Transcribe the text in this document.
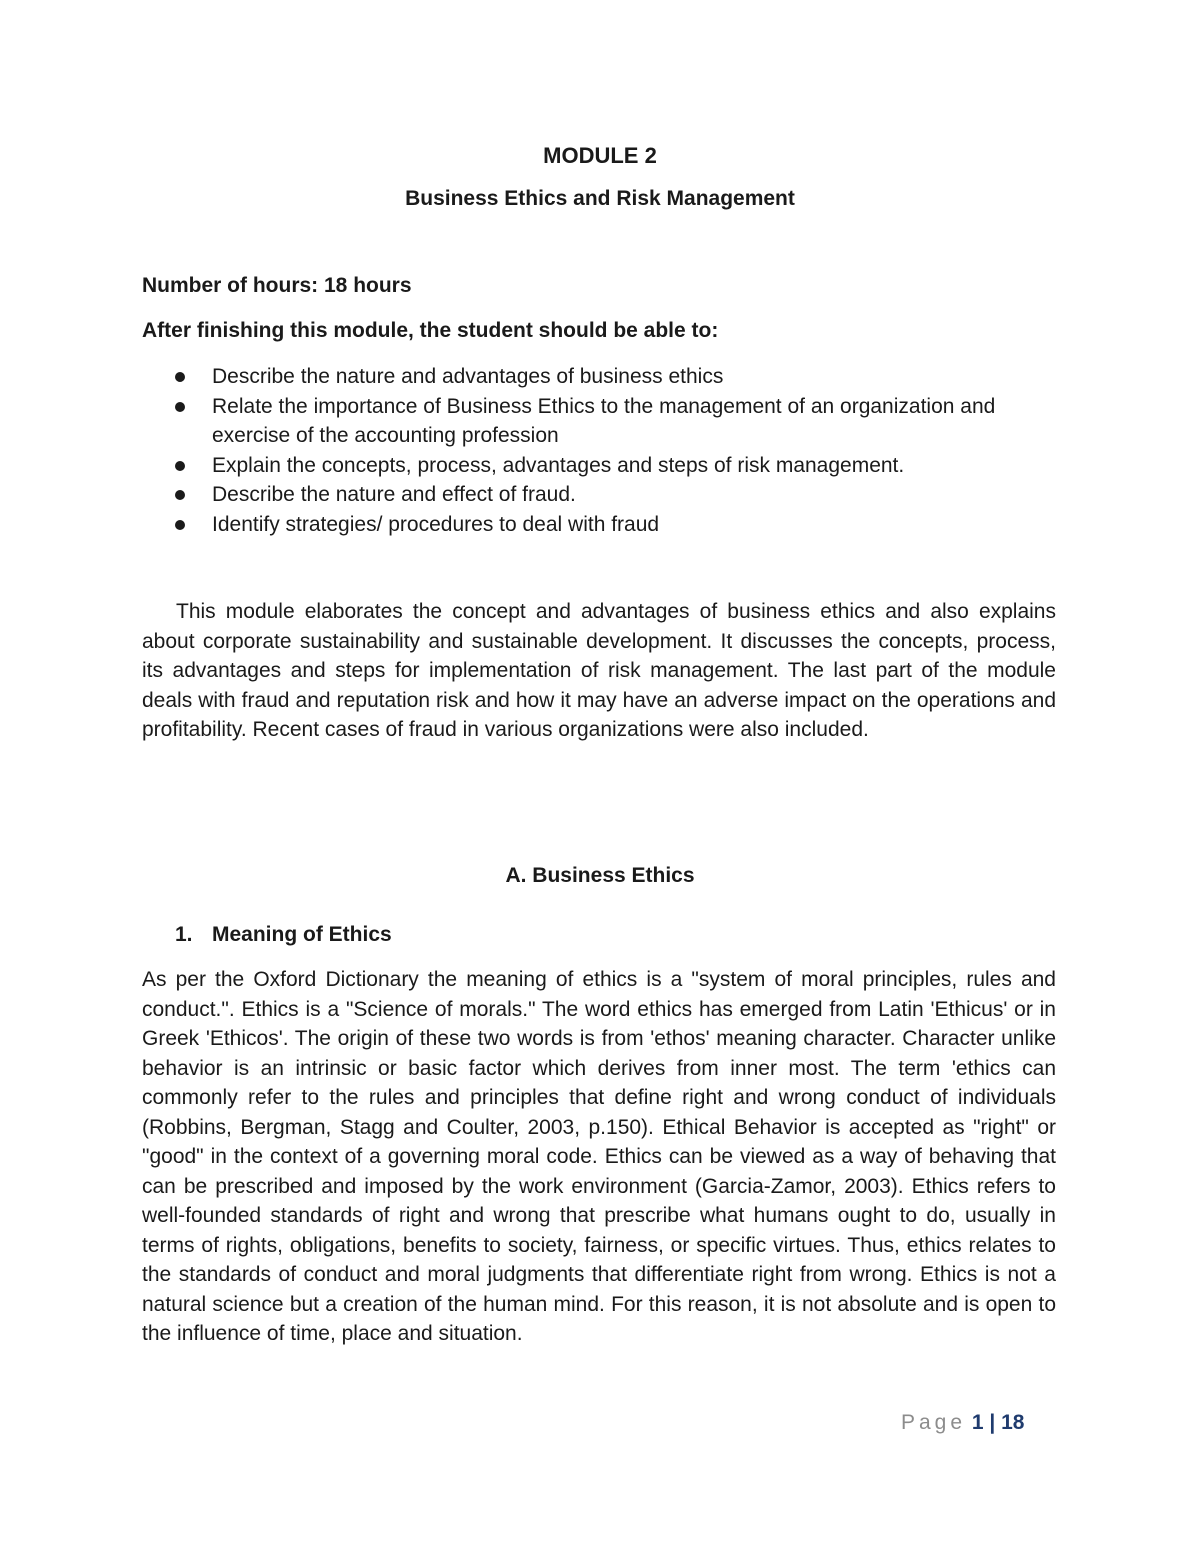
MODULE 2
Business Ethics and Risk Management
Number of hours: 18 hours
After finishing this module, the student should be able to:
Describe the nature and advantages of business ethics
Relate the importance of Business Ethics to the management of an organization and exercise of the accounting profession
Explain the concepts, process, advantages and steps of risk management.
Describe the nature and effect of fraud.
Identify strategies/ procedures to deal with fraud

This module elaborates the concept and advantages of business ethics and also explains about corporate sustainability and sustainable development. It discusses the concepts, process, its advantages and steps for implementation of risk management. The last part of the module deals with fraud and reputation risk and how it may have an adverse impact on the operations and profitability. Recent cases of fraud in various organizations were also included.

A. Business Ethics
1. Meaning of Ethics

As per the Oxford Dictionary the meaning of ethics is a "system of moral principles, rules and conduct.". Ethics is a "Science of morals." The word ethics has emerged from Latin 'Ethicus' or in Greek 'Ethicos'. The origin of these two words is from 'ethos' meaning character. Character unlike behavior is an intrinsic or basic factor which derives from inner most. The term 'ethics can commonly refer to the rules and principles that define right and wrong conduct of individuals (Robbins, Bergman, Stagg and Coulter, 2003, p.150). Ethical Behavior is accepted as "right" or "good" in the context of a governing moral code. Ethics can be viewed as a way of behaving that can be prescribed and imposed by the work environment (Garcia-Zamor, 2003). Ethics refers to well-founded standards of right and wrong that prescribe what humans ought to do, usually in terms of rights, obligations, benefits to society, fairness, or specific virtues. Thus, ethics relates to the standards of conduct and moral judgments that differentiate right from wrong. Ethics is not a natural science but a creation of the human mind. For this reason, it is not absolute and is open to the influence of time, place and situation.

Page 1 | 18
